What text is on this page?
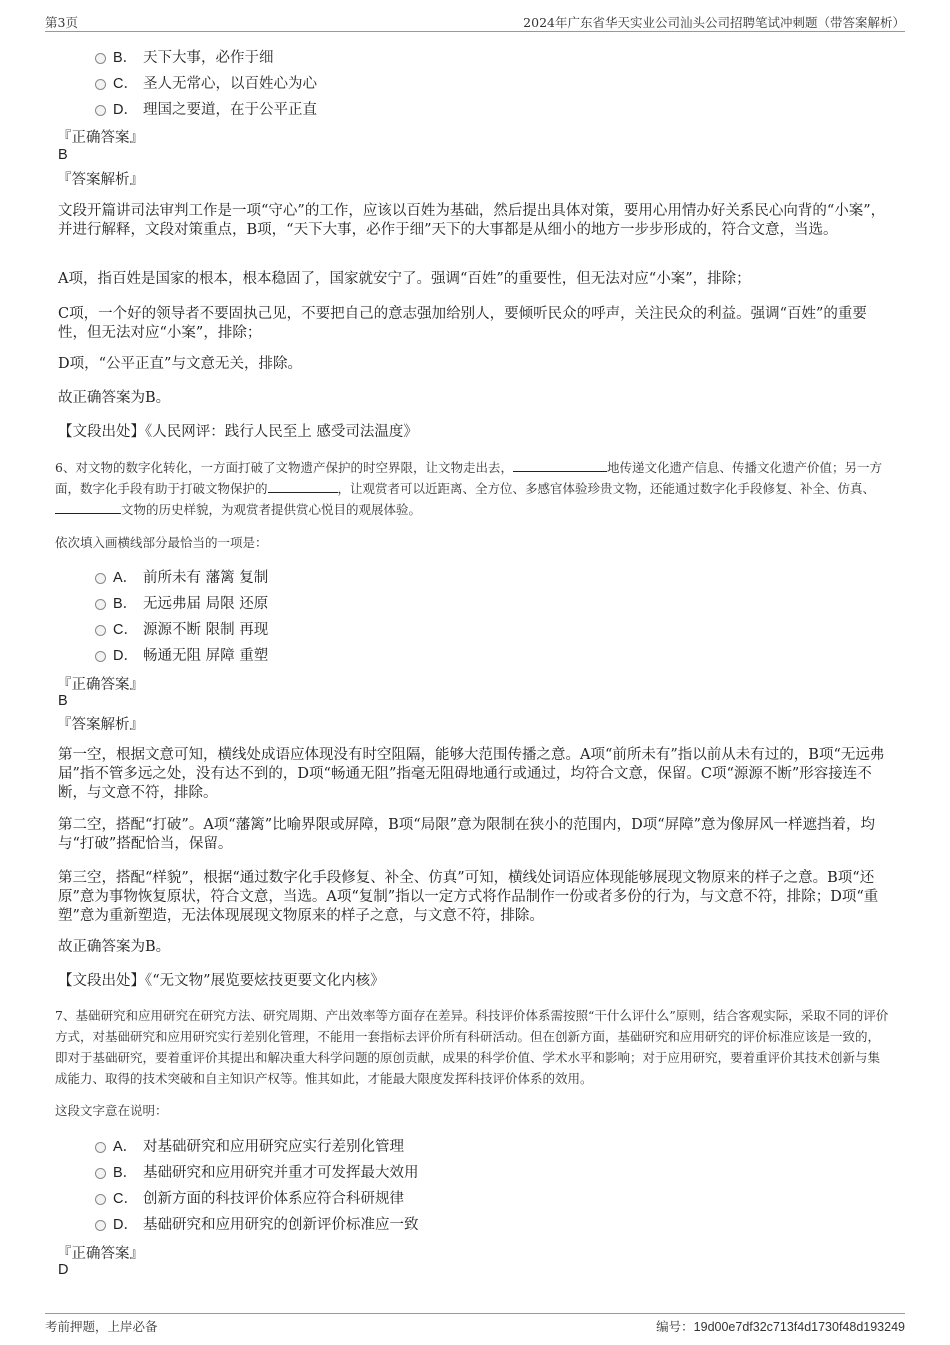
第3页	2024年广东省华天实业公司汕头公司招聘笔试冲刺题（带答案解析）
B． 天下大事，必作于细
C． 圣人无常心，以百姓心为心
D． 理国之要道，在于公平正直
『正确答案』
B
『答案解析』
文段开篇讲司法审判工作是一项“守心”的工作，应该以百姓为基础，然后提出具体对策，要用心用情办好关系民心向背的“小案”，并进行解释，文段对策重点，B项，“天下大事，必作于细”天下的大事都是从细小的地方一步步形成的，符合文意，当选。
A项，指百姓是国家的根本，根本稳固了，国家就安宁了。强调“百姓”的重要性，但无法对应“小案”，排除；
C项，一个好的领导者不要固执己见，不要把自己的意志强加给别人，要倾听民众的呼声，关注民众的利益。强调“百姓”的重要性，但无法对应“小案”，排除；
D项，“公平正直”与文意无关，排除。
故正确答案为B。
【文段出处】《人民网评：践行人民至上 感受司法温度》
6、对文物的数字化转化，一方面打破了文物遗产保护的时空界限，让文物走出去，	地传递文化遗产信息、传播文化遗产价值；另一方面，数字化手段有助于打破文物保护的	，让观赏者可以近距离、全方位、多感官体验珍贵文物，还能通过数字化手段修复、补全、仿真、文物的历史样貌，为观赏者提供赏心悦目的观展体验。
依次填入画横线部分最恰当的一项是：
A． 前所未有 藩篱 复制
B． 无远弗届 局限 还原
C． 源源不断 限制 再现
D． 畅通无阻 屏障 重塑
『正确答案』
B
『答案解析』
第一空，根据文意可知，横线处成语应体现没有时空阻隔，能够大范围传播之意。A项“前所未有”指以前从未有过的，B项“无远弗届”指不管多远之处，没有达不到的，D项“畅通无阻”指毫无阻碍地通行或通过，均符合文意，保留。C项“源源不断”形容接连不断，与文意不符，排除。
第二空，搭配“打破”。A项“藩篱”比喻界限或屏障，B项“局限”意为限制在狭小的范围内，D项“屏障”意为像屏风一样遮挡着，均与“打破”搭配恰当，保留。
第三空，搭配“样貌”，根据“通过数字化手段修复、补全、仿真”可知，横线处词语应体现能够展现文物原来的样子之意。B项“还原”意为事物恢复原状，符合文意，当选。A项“复制”指以一定方式将作品制作一份或者多份的行为，与文意不符，排除；D项“重塑”意为重新塑造，无法体现展现文物原来的样子之意，与文意不符，排除。
故正确答案为B。
【文段出处】《“无文物”展览要炫技更要文化内核》
7、基础研究和应用研究在研究方法、研究周期、产出效率等方面存在差异。科技评价体系需按照“干什么评什么”原则，结合客观实际，采取不同的评价方式，对基础研究和应用研究实行差别化管理，不能用一套指标去评价所有科研活动。但在创新方面，基础研究和应用研究的评价标准应该是一致的，即对于基础研究，要着重评价其提出和解决重大科学问题的原创贡献，成果的科学价值、学术水平和影响；对于应用研究，要着重评价其技术创新与集成能力、取得的技术突破和自主知识产权等。惟其如此，才能最大限度发挥科技评价体系的效用。
这段文字意在说明：
A． 对基础研究和应用研究应实行差别化管理
B． 基础研究和应用研究并重才可发挥最大效用
C． 创新方面的科技评价体系应符合科研规律
D． 基础研究和应用研究的创新评价标准应一致
『正确答案』
D
考前押题，上岸必备	编号：19d00e7df32c713f4d1730f48d193249
